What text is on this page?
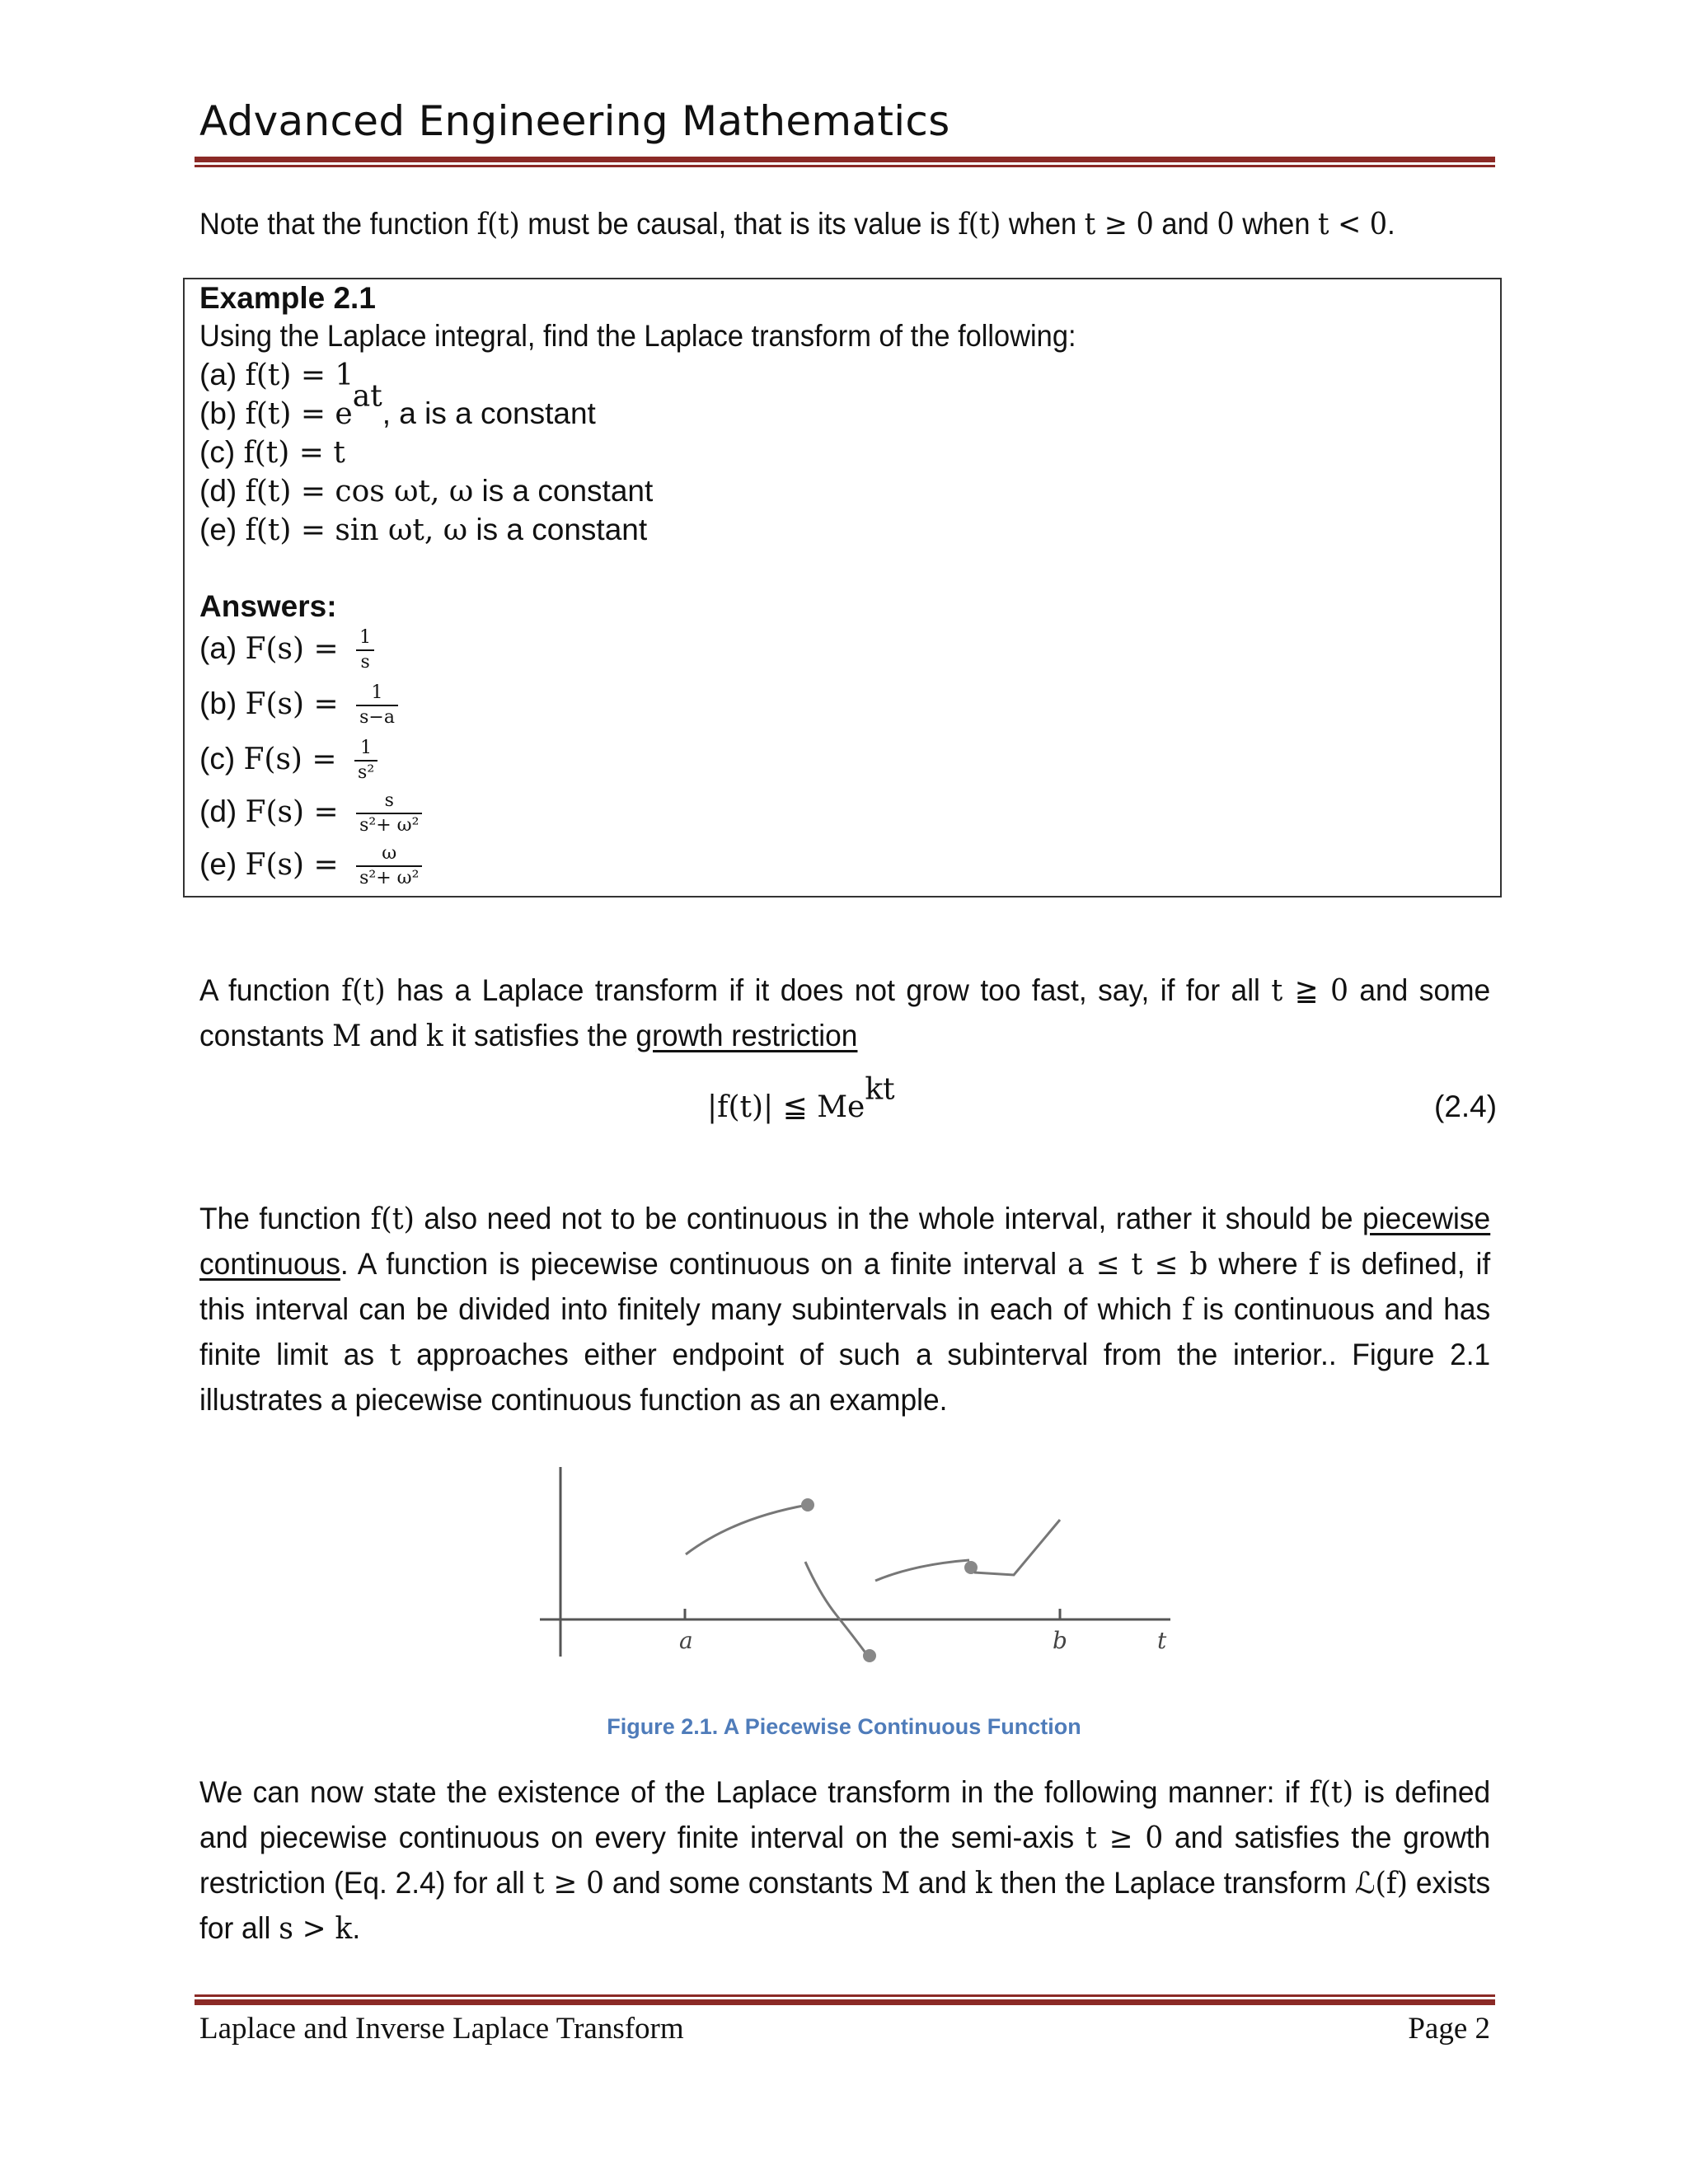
Advanced Engineering Mathematics
Note that the function f(t) must be causal, that is its value is f(t) when t ≥ 0 and 0 when t < 0.
Example 2.1
Using the Laplace integral, find the Laplace transform of the following:
(a) f(t) = 1
(b) $f(t) = e^{at}$, a is a constant
(c) f(t) = t
(d) f(t) = cos ωt, ω is a constant
(e) f(t) = sin ωt, ω is a constant
Answers:
(a) $F(s) = \frac{1}{s}$
(b) $F(s) = \frac{1}{s-a}$
(c) $F(s) = \frac{1}{\text{s²}}$
(d) $F(s) = \frac{s}{\text{s²+ ω²}}$
(e) $F(s) = \frac{\omega}{\text{s²+ ω²}}$
A function f(t) has a Laplace transform if it does not grow too fast, say, if for all t ≧ 0 and some constants M and k it satisfies the growth restriction
|f(t)| ≦ $Me^{kt}$
(2.4)
The function f(t) also need not to be continuous in the whole interval, rather it should be piecewise continuous. A function is piecewise continuous on a finite interval a ≤ t ≤ b where f is defined, if this interval can be divided into finitely many subintervals in each of which f is continuous and has finite limit as t approaches either endpoint of such a subinterval from the interior.. Figure 2.1 illustrates a piecewise continuous function as an example.
a	b	t
Figure 2.1. A Piecewise Continuous Function
We can now state the existence of the Laplace transform in the following manner: if f(t) is defined and piecewise continuous on every finite interval on the semi-axis t ≥ 0 and satisfies the growth restriction (Eq. 2.4) for all t ≥ 0 and some constants M and k then the Laplace transform ℒ(f) exists for all s > k.
Laplace and Inverse Laplace Transform	Page 2
